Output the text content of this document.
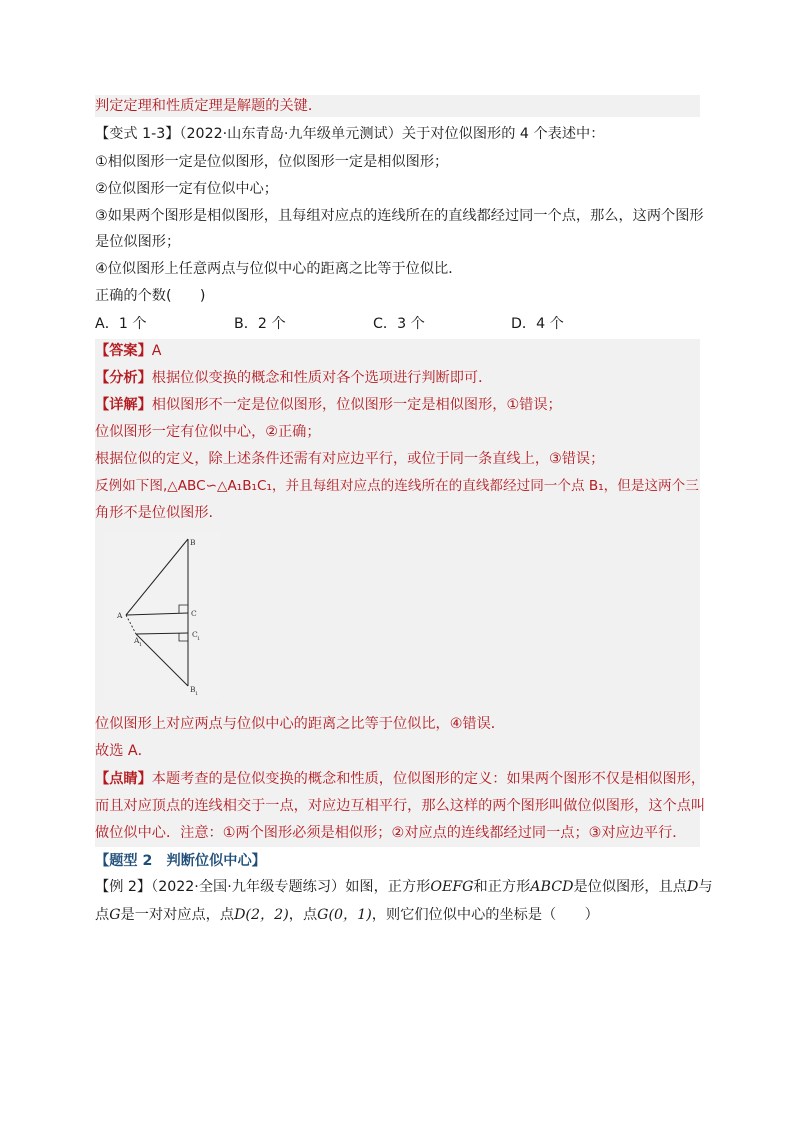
判定定理和性质定理是解题的关键．
【变式 1-3】（2022·山东青岛·九年级单元测试）关于对位似图形的 4 个表述中：
①相似图形一定是位似图形，位似图形一定是相似图形；
②位似图形一定有位似中心；
③如果两个图形是相似图形，且每组对应点的连线所在的直线都经过同一个点，那么，这两个图形
是位似图形；
④位似图形上任意两点与位似中心的距离之比等于位似比．
正确的个数(　　)
A．1 个	B．2 个	C．3 个	D．4 个
【答案】A
【分析】根据位似变换的概念和性质对各个选项进行判断即可．
【详解】相似图形不一定是位似图形，位似图形一定是相似图形，①错误；
位似图形一定有位似中心，②正确；
根据位似的定义，除上述条件还需有对应边平行，或位于同一条直线上，③错误；
反例如下图,△ABC∽△A₁B₁C₁，并且每组对应点的连线所在的直线都经过同一个点 B₁，但是这两个三
角形不是位似图形.
B
A	C
A 1
C 1
B 1
位似图形上对应两点与位似中心的距离之比等于位似比，④错误．
故选 A．
【点睛】本题考查的是位似变换的概念和性质，位似图形的定义：如果两个图形不仅是相似图形，
而且对应顶点的连线相交于一点，对应边互相平行，那么这样的两个图形叫做位似图形，这个点叫
做位似中心．注意：①两个图形必须是相似形；②对应点的连线都经过同一点；③对应边平行．
【题型 2　判断位似中心】
【例 2】（2022·全国·九年级专题练习）如图，正方形OEFG和正方形ABCD是位似图形，且点D与
点G是一对对应点，点D(2，2)，点G(0，1)，则它们位似中心的坐标是（　　）
